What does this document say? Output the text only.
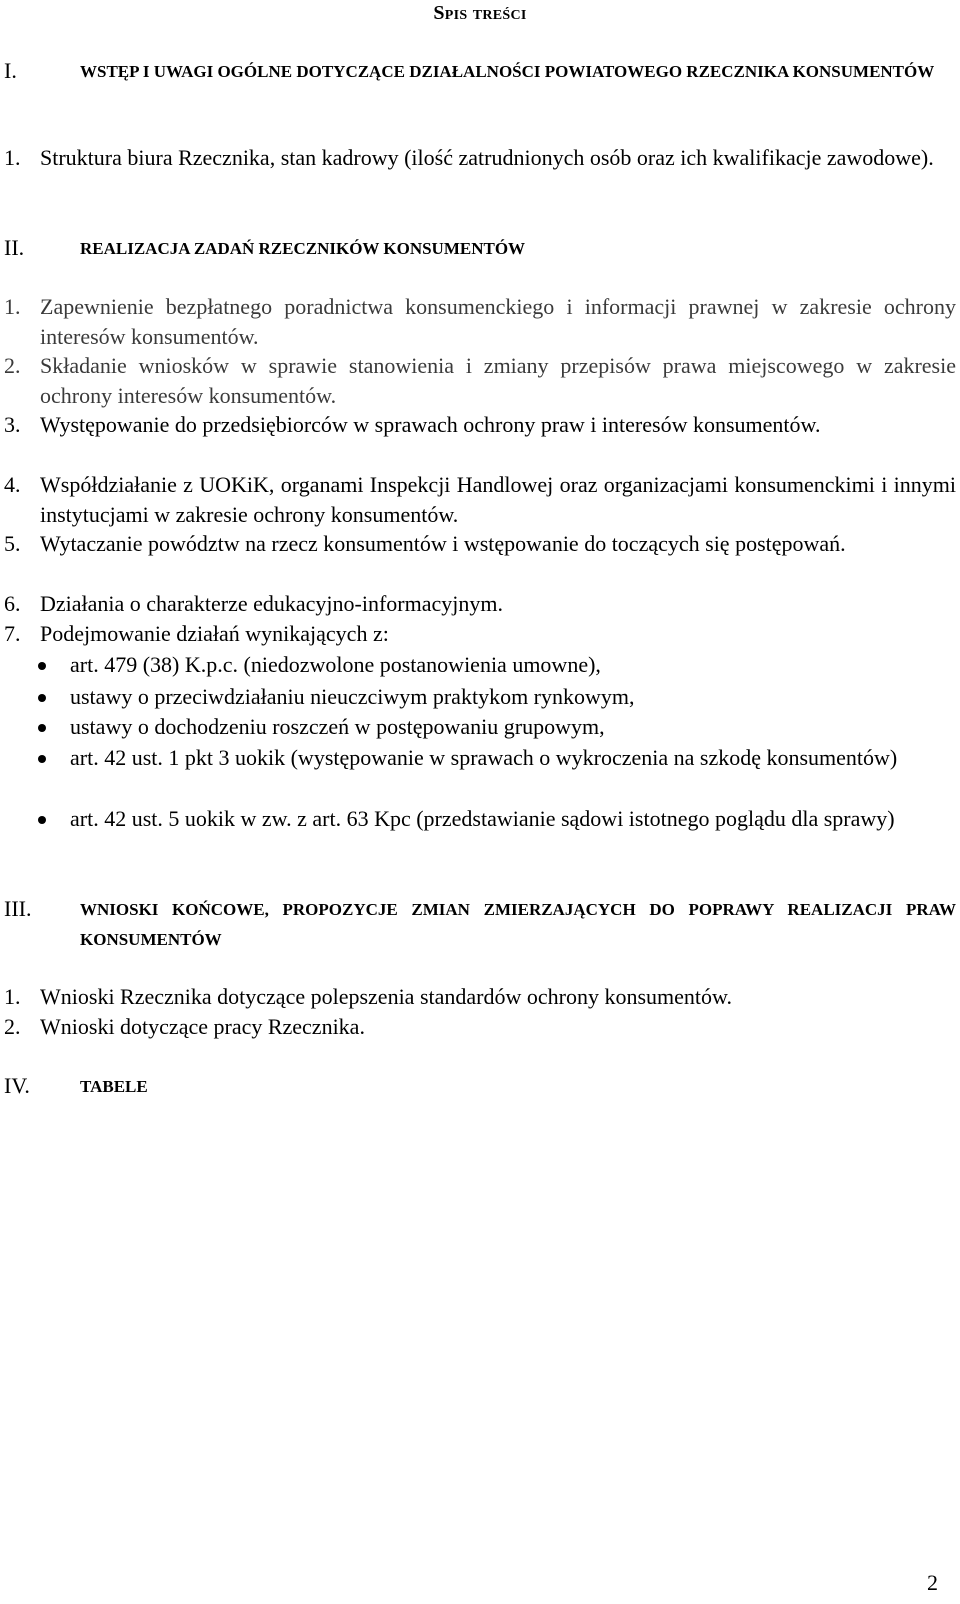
Spis treści
I.	WSTĘP I UWAGI OGÓLNE DOTYCZĄCE DZIAŁALNOŚCI POWIATOWEGO RZECZNIKA KONSUMENTÓW
1. Struktura biura Rzecznika, stan kadrowy (ilość zatrudnionych osób oraz ich kwalifikacje zawodowe).
II.	REALIZACJA ZADAŃ RZECZNIKÓW KONSUMENTÓW
1. Zapewnienie bezpłatnego poradnictwa konsumenckiego i informacji prawnej w zakresie ochrony interesów konsumentów.
2. Składanie wniosków w sprawie stanowienia i zmiany przepisów prawa miejscowego w zakresie ochrony interesów konsumentów.
3. Występowanie do przedsiębiorców w sprawach ochrony praw i interesów konsumentów.
4. Współdziałanie z UOKiK, organami Inspekcji Handlowej oraz organizacjami konsumenckimi i innymi instytucjami w zakresie ochrony konsumentów.
5. Wytaczanie powództw na rzecz konsumentów i wstępowanie do toczących się postępowań.
6. Działania o charakterze edukacyjno-informacyjnym.
7. Podejmowanie działań wynikających z:
art. 479 (38) K.p.c. (niedozwolone postanowienia umowne),
ustawy o przeciwdziałaniu nieuczciwym praktykom rynkowym,
ustawy o dochodzeniu roszczeń w postępowaniu grupowym,
art. 42 ust. 1 pkt 3 uokik (występowanie w sprawach o wykroczenia na szkodę konsumentów)
art. 42 ust. 5 uokik w zw. z art. 63 Kpc (przedstawianie sądowi istotnego poglądu dla sprawy)
III.	WNIOSKI KOŃCOWE, PROPOZYCJE ZMIAN ZMIERZAJĄCYCH DO POPRAWY REALIZACJI PRAW KONSUMENTÓW
1. Wnioski Rzecznika dotyczące polepszenia standardów ochrony konsumentów.
2. Wnioski dotyczące pracy Rzecznika.
IV.	TABELE
2
